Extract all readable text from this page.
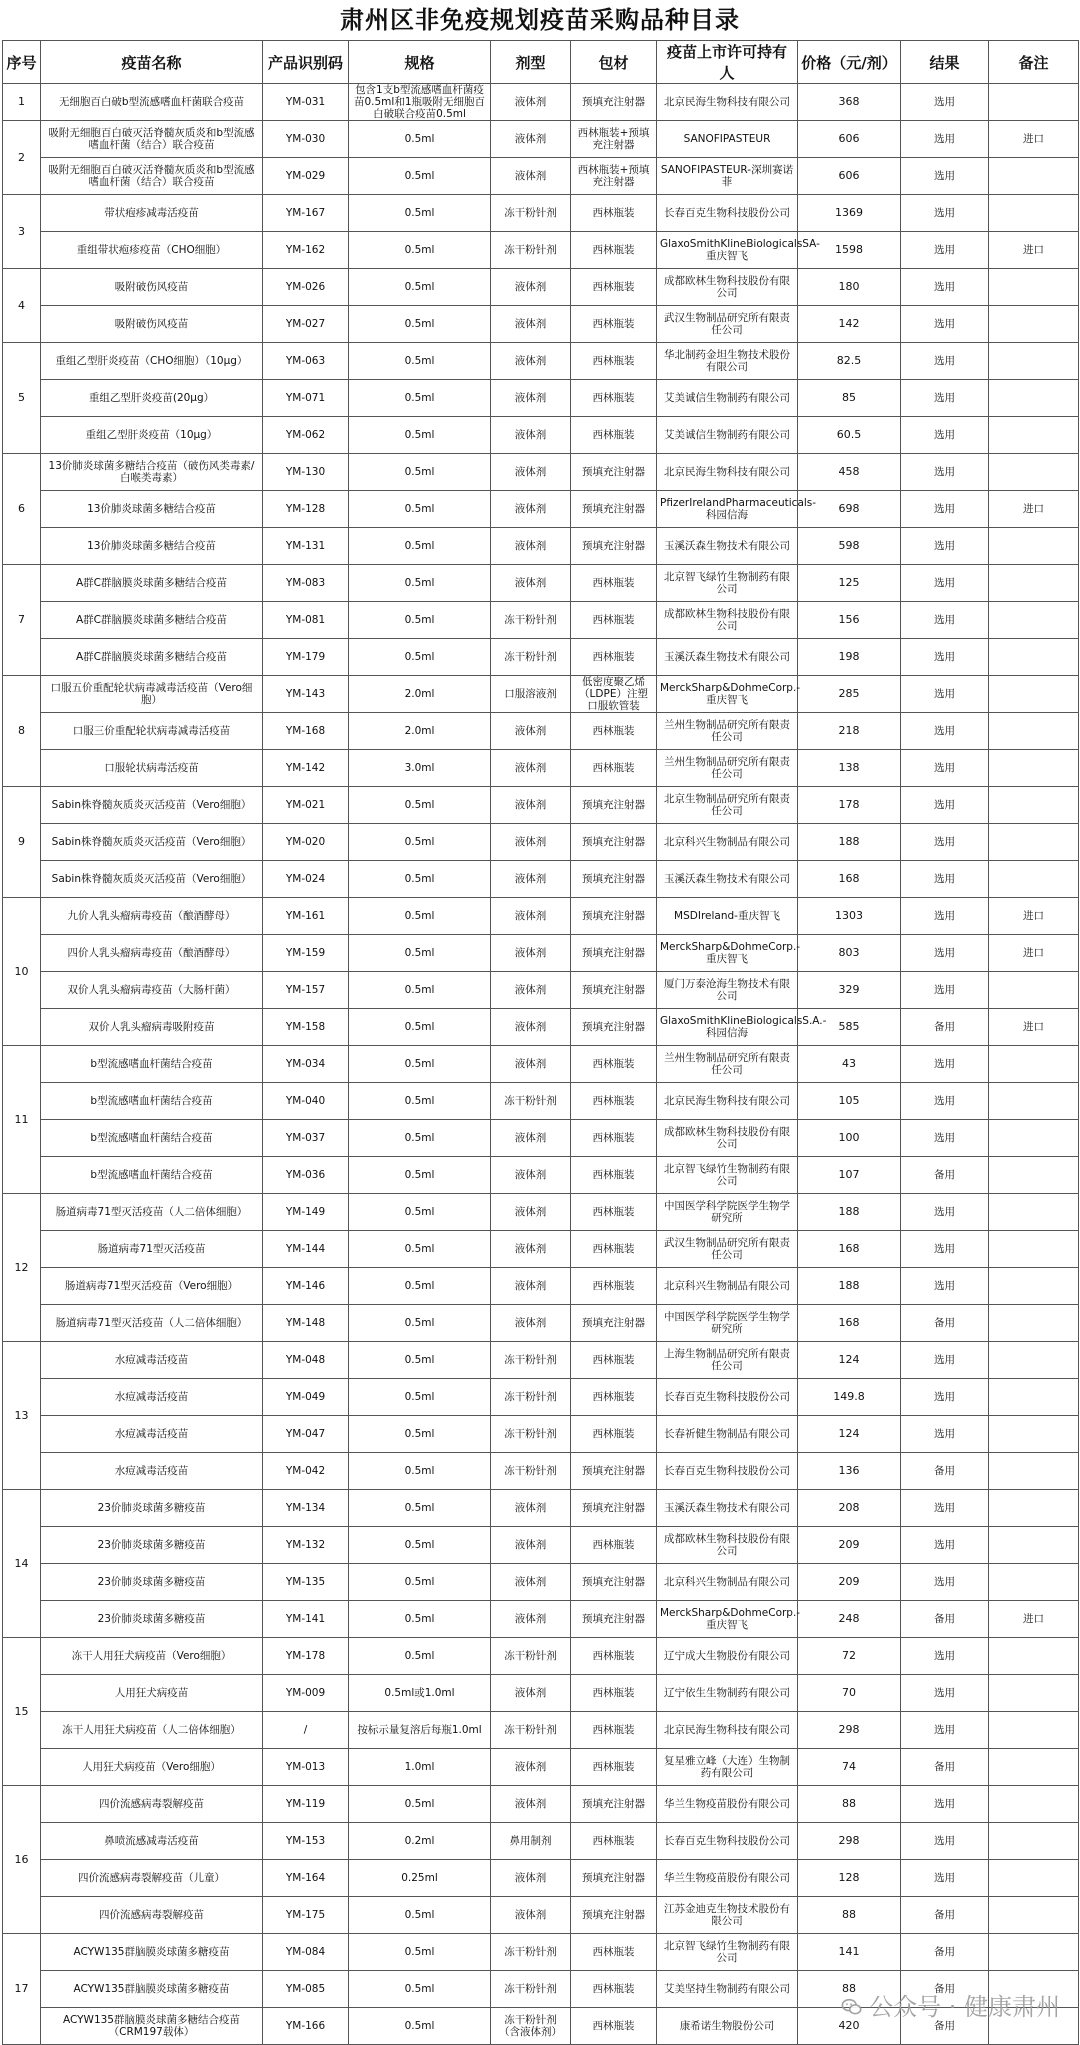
肃州区非免疫规划疫苗采购品种目录
序号	疫苗名称	产品识别码	规格	剂型	包材	疫苗上市许可持有人	价格（元/剂）	结果	备注
1	无细胞百白破b型流感嗜血杆菌联合疫苗	YM-031	包含1支b型流感嗜血杆菌疫苗0.5ml和1瓶吸附无细胞百白破联合疫苗0.5ml	液体剂	预填充注射器	北京民海生物科技有限公司	368	选用	
2	吸附无细胞百白破灭活脊髓灰质炎和b型流感嗜血杆菌（结合）联合疫苗	YM-030	0.5ml	液体剂	西林瓶装+预填充注射器	SANOFIPASTEUR	606	选用	进口
	吸附无细胞百白破灭活脊髓灰质炎和b型流感嗜血杆菌（结合）联合疫苗	YM-029	0.5ml	液体剂	西林瓶装+预填充注射器	SANOFIPASTEUR-深圳赛诺菲	606	选用	
3	带状疱疹减毒活疫苗	YM-167	0.5ml	冻干粉针剂	西林瓶装	长春百克生物科技股份公司	1369	选用	
	重组带状疱疹疫苗（CHO细胞）	YM-162	0.5ml	冻干粉针剂	西林瓶装	GlaxoSmithKlineBiologicalsSA-重庆智飞	1598	选用	进口
4	吸附破伤风疫苗	YM-026	0.5ml	液体剂	西林瓶装	成都欧林生物科技股份有限公司	180	选用	
	吸附破伤风疫苗	YM-027	0.5ml	液体剂	西林瓶装	武汉生物制品研究所有限责任公司	142	选用	
5	重组乙型肝炎疫苗（CHO细胞）（10μg）	YM-063	0.5ml	液体剂	西林瓶装	华北制药金坦生物技术股份有限公司	82.5	选用	
	重组乙型肝炎疫苗(20μg）	YM-071	0.5ml	液体剂	西林瓶装	艾美诚信生物制药有限公司	85	选用	
	重组乙型肝炎疫苗（10μg）	YM-062	0.5ml	液体剂	西林瓶装	艾美诚信生物制药有限公司	60.5	选用	
6	13价肺炎球菌多糖结合疫苗（破伤风类毒素/白喉类毒素）	YM-130	0.5ml	液体剂	预填充注射器	北京民海生物科技有限公司	458	选用	
	13价肺炎球菌多糖结合疫苗	YM-128	0.5ml	液体剂	预填充注射器	PfizerIrelandPharmaceuticals-科园信海	698	选用	进口
	13价肺炎球菌多糖结合疫苗	YM-131	0.5ml	液体剂	预填充注射器	玉溪沃森生物技术有限公司	598	选用	
7	A群C群脑膜炎球菌多糖结合疫苗	YM-083	0.5ml	液体剂	西林瓶装	北京智飞绿竹生物制药有限公司	125	选用	
	A群C群脑膜炎球菌多糖结合疫苗	YM-081	0.5ml	冻干粉针剂	西林瓶装	成都欧林生物科技股份有限公司	156	选用	
	A群C群脑膜炎球菌多糖结合疫苗	YM-179	0.5ml	冻干粉针剂	西林瓶装	玉溪沃森生物技术有限公司	198	选用	
8	口服五价重配轮状病毒减毒活疫苗（Vero细胞）	YM-143	2.0ml	口服溶液剂	低密度聚乙烯（LDPE）注塑口服软管装	MerckSharp&DohmeCorp.-重庆智飞	285	选用	
	口服三价重配轮状病毒减毒活疫苗	YM-168	2.0ml	液体剂	西林瓶装	兰州生物制品研究所有限责任公司	218	选用	
	口服轮状病毒活疫苗	YM-142	3.0ml	液体剂	西林瓶装	兰州生物制品研究所有限责任公司	138	选用	
9	Sabin株脊髓灰质炎灭活疫苗（Vero细胞）	YM-021	0.5ml	液体剂	预填充注射器	北京生物制品研究所有限责任公司	178	选用	
	Sabin株脊髓灰质炎灭活疫苗（Vero细胞）	YM-020	0.5ml	液体剂	预填充注射器	北京科兴生物制品有限公司	188	选用	
	Sabin株脊髓灰质炎灭活疫苗（Vero细胞）	YM-024	0.5ml	液体剂	预填充注射器	玉溪沃森生物技术有限公司	168	选用	
10	九价人乳头瘤病毒疫苗（酿酒酵母）	YM-161	0.5ml	液体剂	预填充注射器	MSDIreland-重庆智飞	1303	选用	进口
	四价人乳头瘤病毒疫苗（酿酒酵母）	YM-159	0.5ml	液体剂	预填充注射器	MerckSharp&DohmeCorp.-重庆智飞	803	选用	进口
	双价人乳头瘤病毒疫苗（大肠杆菌）	YM-157	0.5ml	液体剂	预填充注射器	厦门万泰沧海生物技术有限公司	329	选用	
	双价人乳头瘤病毒吸附疫苗	YM-158	0.5ml	液体剂	预填充注射器	GlaxoSmithKlineBiologicalsS.A.-科园信海	585	备用	进口
11	b型流感嗜血杆菌结合疫苗	YM-034	0.5ml	液体剂	西林瓶装	兰州生物制品研究所有限责任公司	43	选用	
	b型流感嗜血杆菌结合疫苗	YM-040	0.5ml	冻干粉针剂	西林瓶装	北京民海生物科技有限公司	105	选用	
	b型流感嗜血杆菌结合疫苗	YM-037	0.5ml	液体剂	西林瓶装	成都欧林生物科技股份有限公司	100	选用	
	b型流感嗜血杆菌结合疫苗	YM-036	0.5ml	液体剂	西林瓶装	北京智飞绿竹生物制药有限公司	107	备用	
12	肠道病毒71型灭活疫苗（人二倍体细胞）	YM-149	0.5ml	液体剂	西林瓶装	中国医学科学院医学生物学研究所	188	选用	
	肠道病毒71型灭活疫苗	YM-144	0.5ml	液体剂	西林瓶装	武汉生物制品研究所有限责任公司	168	选用	
	肠道病毒71型灭活疫苗（Vero细胞）	YM-146	0.5ml	液体剂	西林瓶装	北京科兴生物制品有限公司	188	选用	
	肠道病毒71型灭活疫苗（人二倍体细胞）	YM-148	0.5ml	液体剂	预填充注射器	中国医学科学院医学生物学研究所	168	备用	
13	水痘减毒活疫苗	YM-048	0.5ml	冻干粉针剂	西林瓶装	上海生物制品研究所有限责任公司	124	选用	
	水痘减毒活疫苗	YM-049	0.5ml	冻干粉针剂	西林瓶装	长春百克生物科技股份公司	149.8	选用	
	水痘减毒活疫苗	YM-047	0.5ml	冻干粉针剂	西林瓶装	长春祈健生物制品有限公司	124	选用	
	水痘减毒活疫苗	YM-042	0.5ml	冻干粉针剂	预填充注射器	长春百克生物科技股份公司	136	备用	
14	23价肺炎球菌多糖疫苗	YM-134	0.5ml	液体剂	预填充注射器	玉溪沃森生物技术有限公司	208	选用	
	23价肺炎球菌多糖疫苗	YM-132	0.5ml	液体剂	西林瓶装	成都欧林生物科技股份有限公司	209	选用	
	23价肺炎球菌多糖疫苗	YM-135	0.5ml	液体剂	预填充注射器	北京科兴生物制品有限公司	209	选用	
	23价肺炎球菌多糖疫苗	YM-141	0.5ml	液体剂	预填充注射器	MerckSharp&DohmeCorp.-重庆智飞	248	备用	进口
15	冻干人用狂犬病疫苗（Vero细胞）	YM-178	0.5ml	冻干粉针剂	西林瓶装	辽宁成大生物股份有限公司	72	选用	
	人用狂犬病疫苗	YM-009	0.5ml或1.0ml	液体剂	西林瓶装	辽宁依生生物制药有限公司	70	选用	
	冻干人用狂犬病疫苗（人二倍体细胞）	/	按标示量复溶后每瓶1.0ml	冻干粉针剂	西林瓶装	北京民海生物科技有限公司	298	选用	
	人用狂犬病疫苗（Vero细胞）	YM-013	1.0ml	液体剂	西林瓶装	复星雅立峰（大连）生物制药有限公司	74	备用	
16	四价流感病毒裂解疫苗	YM-119	0.5ml	液体剂	预填充注射器	华兰生物疫苗股份有限公司	88	选用	
	鼻喷流感减毒活疫苗	YM-153	0.2ml	鼻用制剂	西林瓶装	长春百克生物科技股份公司	298	选用	
	四价流感病毒裂解疫苗（儿童）	YM-164	0.25ml	液体剂	预填充注射器	华兰生物疫苗股份有限公司	128	选用	
	四价流感病毒裂解疫苗	YM-175	0.5ml	液体剂	预填充注射器	江苏金迪克生物技术股份有限公司	88	备用	
17	ACYW135群脑膜炎球菌多糖疫苗	YM-084	0.5ml	冻干粉针剂	西林瓶装	北京智飞绿竹生物制药有限公司	141	备用	
	ACYW135群脑膜炎球菌多糖疫苗	YM-085	0.5ml	冻干粉针剂	西林瓶装	艾美坚持生物制药有限公司	88	备用	
	ACYW135群脑膜炎球菌多糖结合疫苗（CRM197载体）	YM-166	0.5ml	冻干粉针剂（含液体剂）	西林瓶装	康希诺生物股份公司	420	备用	
公众号 · 健康肃州
